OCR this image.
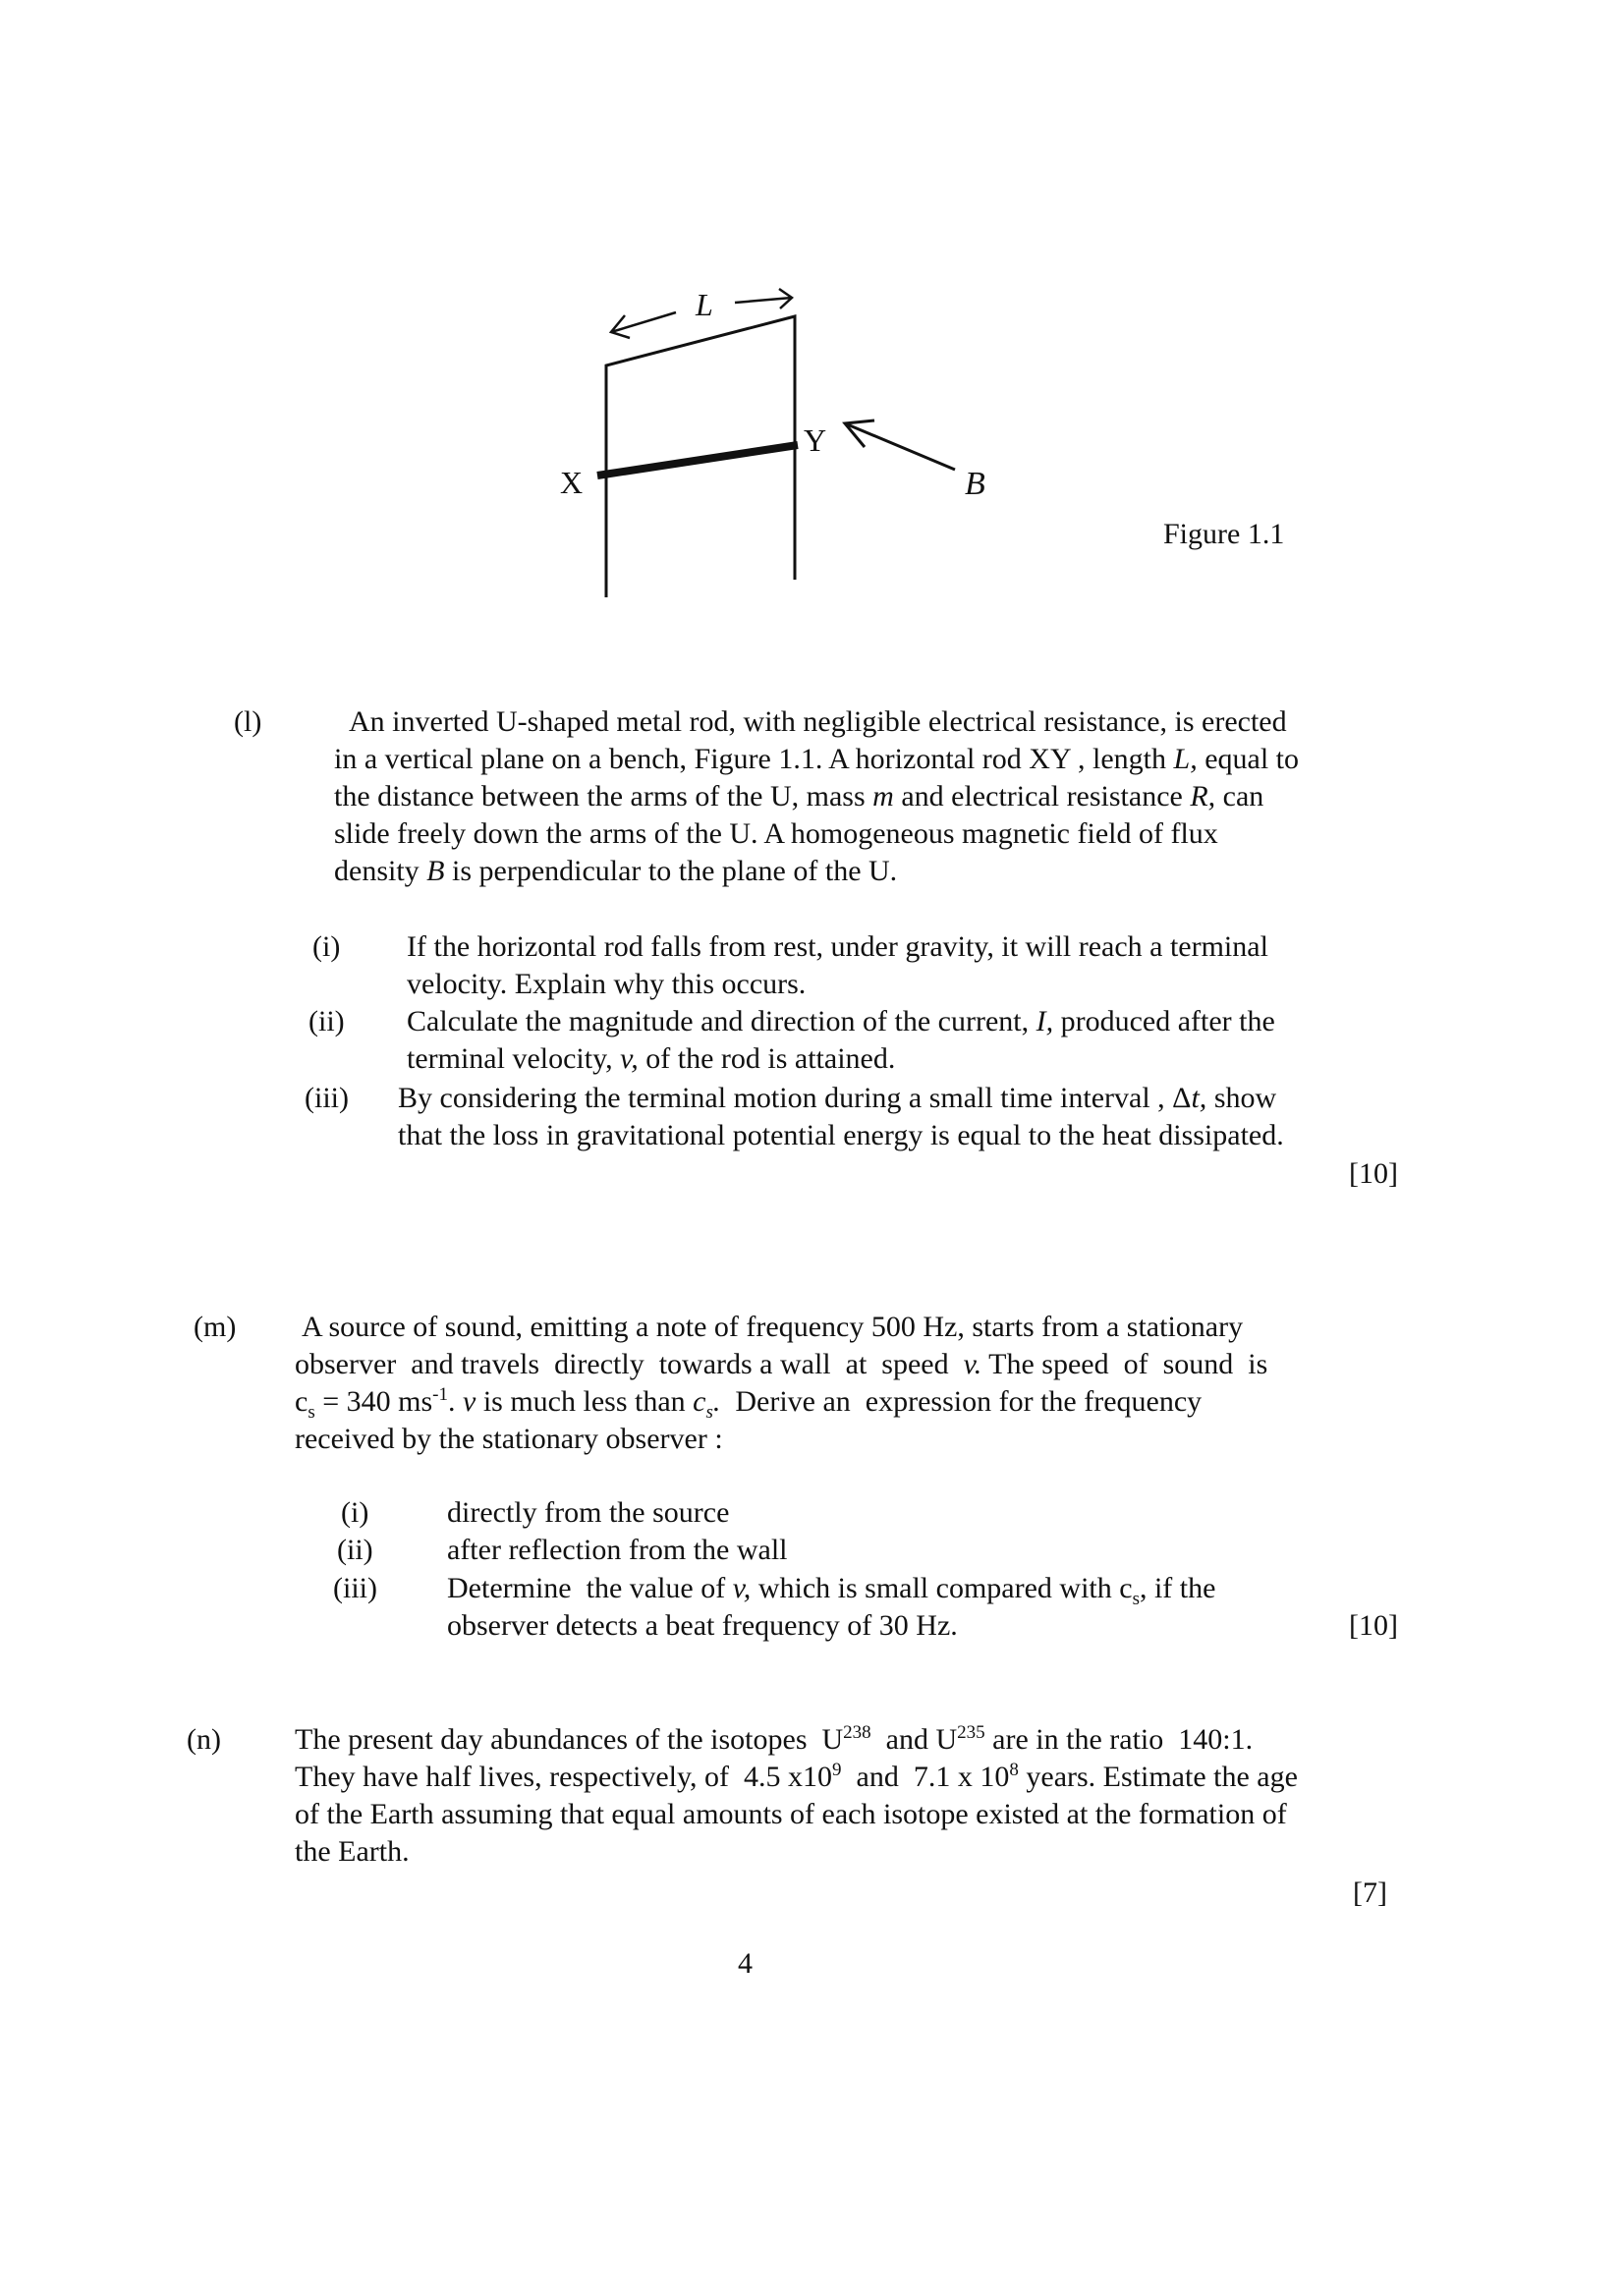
L
X
Y
B
Figure 1.1
(l)	An inverted U-shaped metal rod, with negligible electrical resistance, is erected
in a vertical plane on a bench, Figure 1.1. A horizontal rod XY , length L, equal to
the distance between the arms of the U, mass m and electrical resistance R, can
slide freely down the arms of the U. A homogeneous magnetic field of flux
density B is perpendicular to the plane of the U.
(i) If the horizontal rod falls from rest, under gravity, it will reach a terminal
velocity. Explain why this occurs.
(ii) Calculate the magnitude and direction of the current, I, produced after the
terminal velocity, v, of the rod is attained.
(iii) By considering the terminal motion during a small time interval , Δt, show
that the loss in gravitational potential energy is equal to the heat dissipated.
[10]
(m) A source of sound, emitting a note of frequency 500 Hz, starts from a stationary
observer  and travels  directly  towards a wall  at  speed  v. The speed  of  sound  is
$c_s = 340$ $ms^{-1}$. v is much less than $c_s$.  Derive an  expression for the frequency
received by the stationary observer :
(i)	directly from the source
(ii)	after reflection from the wall
(iii) Determine  the value of v, which is small compared with $c_s$, if the
observer detects a beat frequency of 30 Hz.	[10]
(n)	The present day abundances of the isotopes  $U^{238}$  and $U^{235}$ are in the ratio  140:1.
They have half lives, respectively, of  4.5 $x10^9$  and  7.1 x $10^8$ years. Estimate the age
of the Earth assuming that equal amounts of each isotope existed at the formation of
the Earth.
[7]
4
